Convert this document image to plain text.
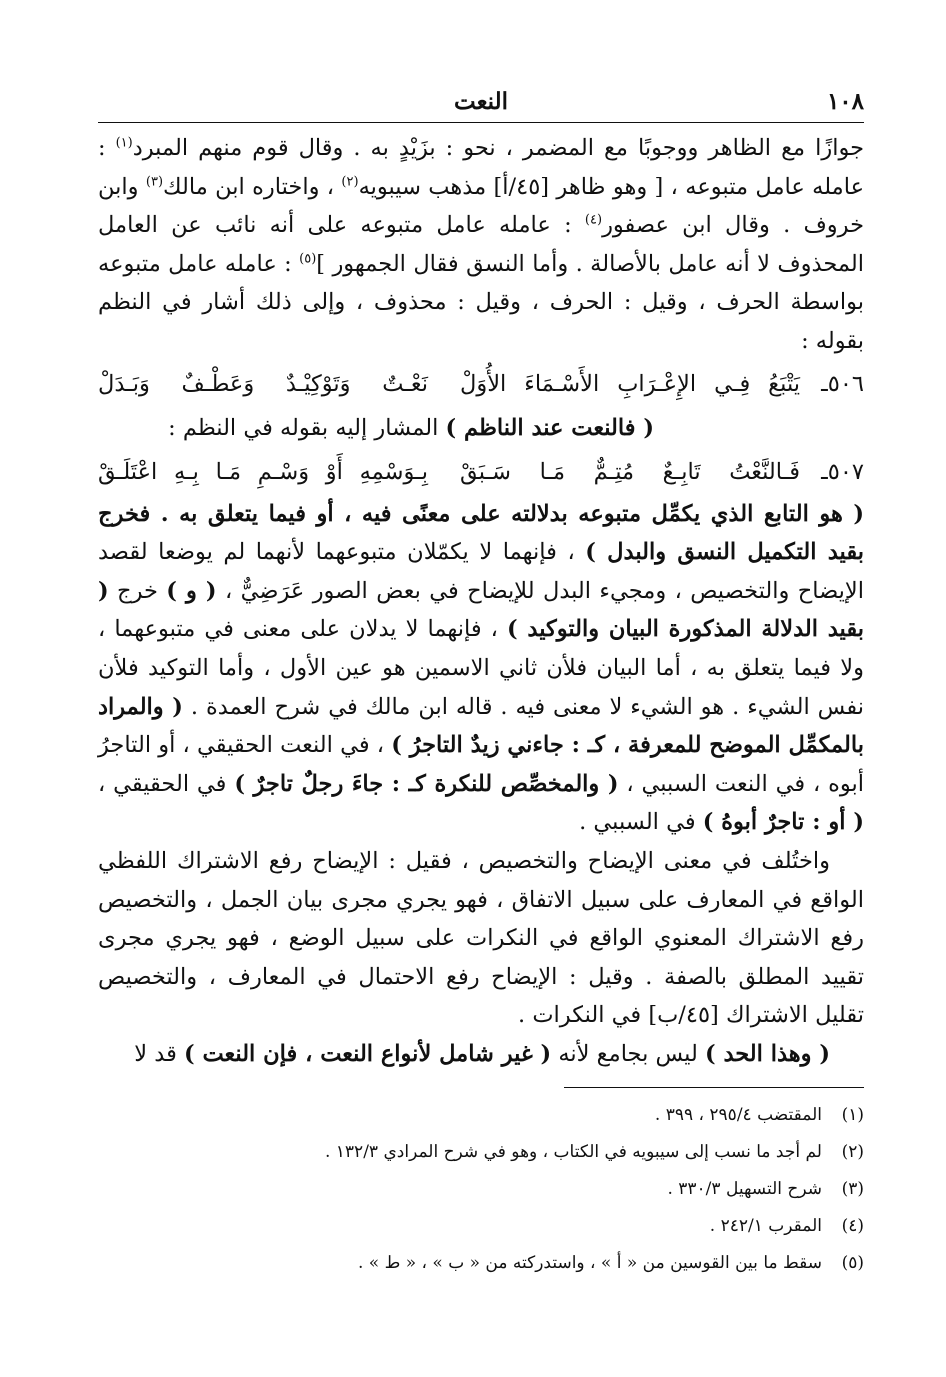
١٠٨
النعت

جوازًا مع الظاهر ووجوبًا مع المضمر ، نحو : بزَيْدٍ به . وقال قوم منهم المبرد$^{(١)}$ : عامله عامل متبوعه ، [ وهو ظاهر [٤٥/أ] مذهب سيبويه$^{(٢)}$ ، واختاره ابن مالك$^{(٣)}$ وابن خروف . وقال ابن عصفور$^{(٤)}$ : عامله عامل متبوعه على أنه نائب عن العامل المحذوف لا أنه عامل بالأصالة . وأما النسق فقال الجمهور ]$^{(٥)}$ : عامله عامل متبوعه بواسطة الحرف ، وقيل : الحرف ، وقيل : محذوف ، وإلى ذلك أشار في النظم بقوله :

٥٠٦ـ
يَتْبَعُ فِـي الإِعْـرَابِ الأَسْـمَاءَ الأُوَلْ
نَعْـتٌ وَتَوْكِيْـدٌ وَعَطْـفٌ وَبَـدَلْ
( فالنعت عند الناظم ) المشار إليه بقوله في النظم :
٥٠٧ـ
فَـالنَّعْتُ تَابِـعٌ مُتِـمٌّ مَـا سَـبَقْ
بِـوَسْمِهِ أَوْ وَسْـمِ مَـا بِـهِ اعْتَلَـقْ

( هو التابع الذي يكمِّل متبوعه بدلالته على معنًى فيه ، أو فيما يتعلق به . فخرج بقيد التكميل النسق والبدل ) ، فإنهما لا يكمّلان متبوعهما لأنهما لم يوضعا لقصد الإيضاح والتخصيص ، ومجيء البدل للإيضاح في بعض الصور عَرَضِيٌّ ، ( و ) خرج ( بقيد الدلالة المذكورة البيان والتوكيد ) ، فإنهما لا يدلان على معنى في متبوعهما ، ولا فيما يتعلق به ، أما البيان فلأن ثاني الاسمين هو عين الأول ، وأما التوكيد فلأن نفس الشيء . هو الشيء لا معنى فيه . قاله ابن مالك في شرح العمدة . ( والمراد بالمكمِّل الموضح للمعرفة ، كـ : جاءني زيدٌ التاجرُ ) ، في النعت الحقيقي ، أو التاجرُ أبوه ، في النعت السببي ، ( والمخصِّص للنكرة كـ : جاءَ رجلٌ تاجرٌ ) في الحقيقي ، ( أو : تاجرٌ أبوهُ ) في السببي .

واختُلف في معنى الإيضاح والتخصيص ، فقيل : الإيضاح رفع الاشتراك اللفظي الواقع في المعارف على سبيل الاتفاق ، فهو يجري مجرى بيان الجمل ، والتخصيص رفع الاشتراك المعنوي الواقع في النكرات على سبيل الوضع ، فهو يجري مجرى تقييد المطلق بالصفة . وقيل : الإيضاح رفع الاحتمال في المعارف ، والتخصيص تقليل الاشتراك [٤٥/ب] في النكرات .

( وهذا الحد ) ليس بجامع لأنه ( غير شامل لأنواع النعت ، فإن النعت ) قد لا

(١)
المقتضب ٢٩٥/٤ ، ٣٩٩ .
(٢)
لم أجد ما نسب إلى سيبويه في الكتاب ، وهو في شرح المرادي ١٣٢/٣ .
(٣)
شرح التسهيل ٣٣٠/٣ .
(٤)
المقرب ٢٤٢/١ .
(٥)
سقط ما بين القوسين من « أ » ، واستدركته من « ب » ، « ط » .
